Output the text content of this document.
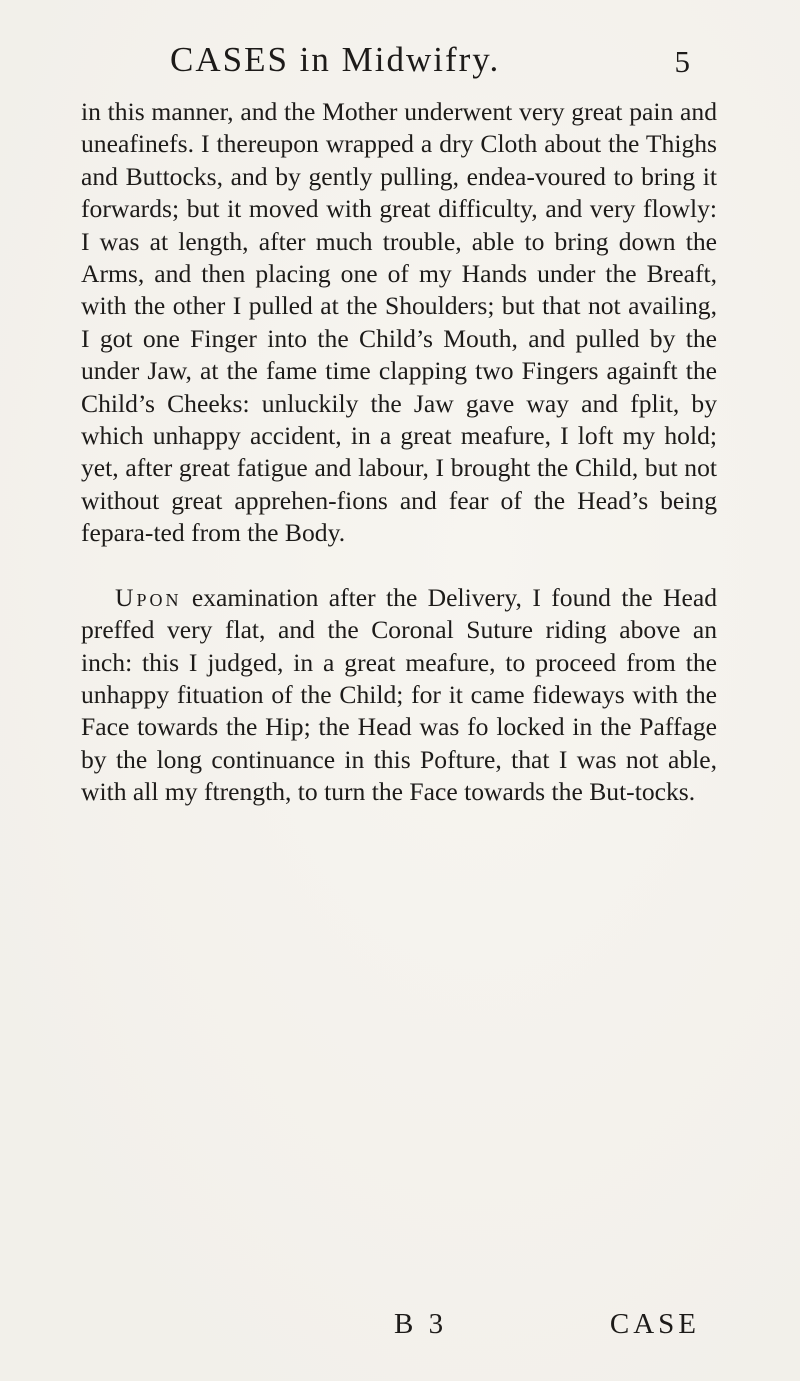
CASES in Midwifry.	5

in this manner, and the Mother underwent very great pain and uneafinefs. I thereupon wrapped a dry Cloth about the Thighs and Buttocks, and by gently pulling, endea-voured to bring it forwards; but it moved with great difficulty, and very flowly: I was at length, after much trouble, able to bring down the Arms, and then placing one of my Hands under the Breaft, with the other I pulled at the Shoulders; but that not availing, I got one Finger into the Child’s Mouth, and pulled by the under Jaw, at the fame time clapping two Fingers againft the Child’s Cheeks: unluckily the Jaw gave way and fplit, by which unhappy accident, in a great meafure, I loft my hold; yet, after great fatigue and labour, I brought the Child, but not without great apprehen-fions and fear of the Head’s being fepara-ted from the Body.

Upon examination after the Delivery, I found the Head preffed very flat, and the Coronal Suture riding above an inch: this I judged, in a great meafure, to proceed from the unhappy fituation of the Child; for it came fideways with the Face towards the Hip; the Head was fo locked in the Paffage by the long continuance in this Pofture, that I was not able, with all my ftrength, to turn the Face towards the But-tocks.

B 3	CASE
